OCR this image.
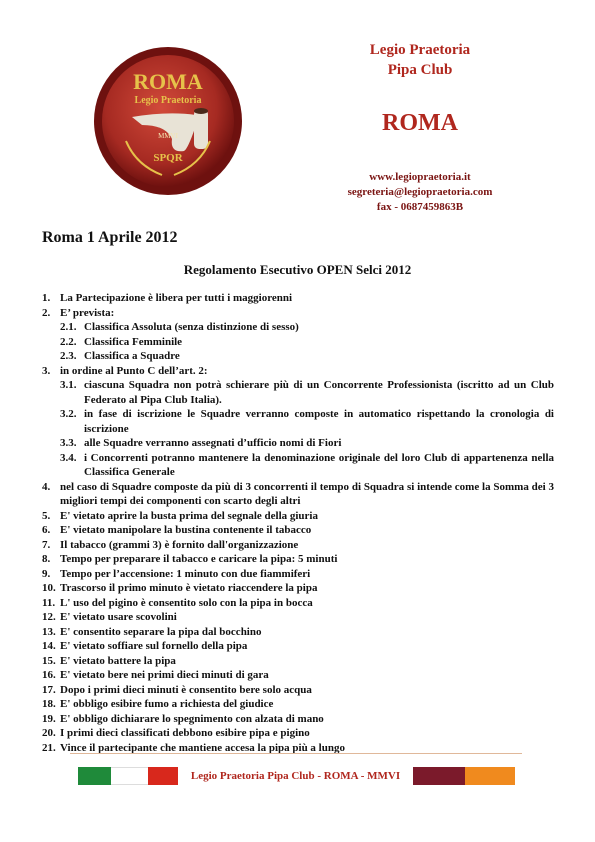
ROMA
Legio Praetoria
MMVI
SPQR
Legio Praetoria
Pipa Club
ROMA
www.legiopraetoria.it
segreteria@legiopraetoria.com
fax - 0687459863B
Roma 1 Aprile 2012
Regolamento Esecutivo OPEN Selci 2012
1. La Partecipazione è libera per tutti i maggiorenni
2. E’ prevista:
2.1. Classifica Assoluta (senza distinzione di sesso)
2.2. Classifica Femminile
2.3. Classifica a Squadre
3. in ordine al Punto C dell’art. 2:
3.1. ciascuna Squadra non potrà schierare più di un Concorrente Professionista (iscritto ad un Club Federato al Pipa Club Italia).
3.2. in fase di iscrizione le Squadre verranno composte in automatico rispettando la cronologia di iscrizione
3.3. alle Squadre verranno assegnati d’ufficio nomi di Fiori
3.4. i Concorrenti potranno mantenere la denominazione originale del loro Club di appartenenza nella Classifica Generale
4. nel caso di Squadre composte da più di 3 concorrenti il tempo di Squadra si intende come la Somma dei 3 migliori tempi dei componenti con scarto degli altri
5. E' vietato aprire la busta prima del segnale della giuria
6. E' vietato manipolare la bustina contenente il tabacco
7. Il tabacco (grammi 3) è fornito dall'organizzazione
8. Tempo per preparare il tabacco e caricare la pipa: 5 minuti
9. Tempo per l’accensione: 1 minuto con due fiammiferi
10. Trascorso il primo minuto è vietato riaccendere la pipa
11. L' uso del pigino è consentito solo con la pipa in bocca
12. E' vietato usare scovolini
13. E' consentito separare la pipa dal bocchino
14. E' vietato soffiare sul fornello della pipa
15. E' vietato battere la pipa
16. E' vietato bere nei primi dieci minuti di gara
17. Dopo i primi dieci minuti è consentito bere solo acqua
18. E' obbligo esibire fumo a richiesta del giudice
19. E' obbligo dichiarare lo spegnimento con alzata di mano
20. I primi dieci classificati debbono esibire pipa e pigino
21. Vince il partecipante che mantiene accesa la pipa più a lungo
Legio Praetoria Pipa Club - ROMA - MMVI
